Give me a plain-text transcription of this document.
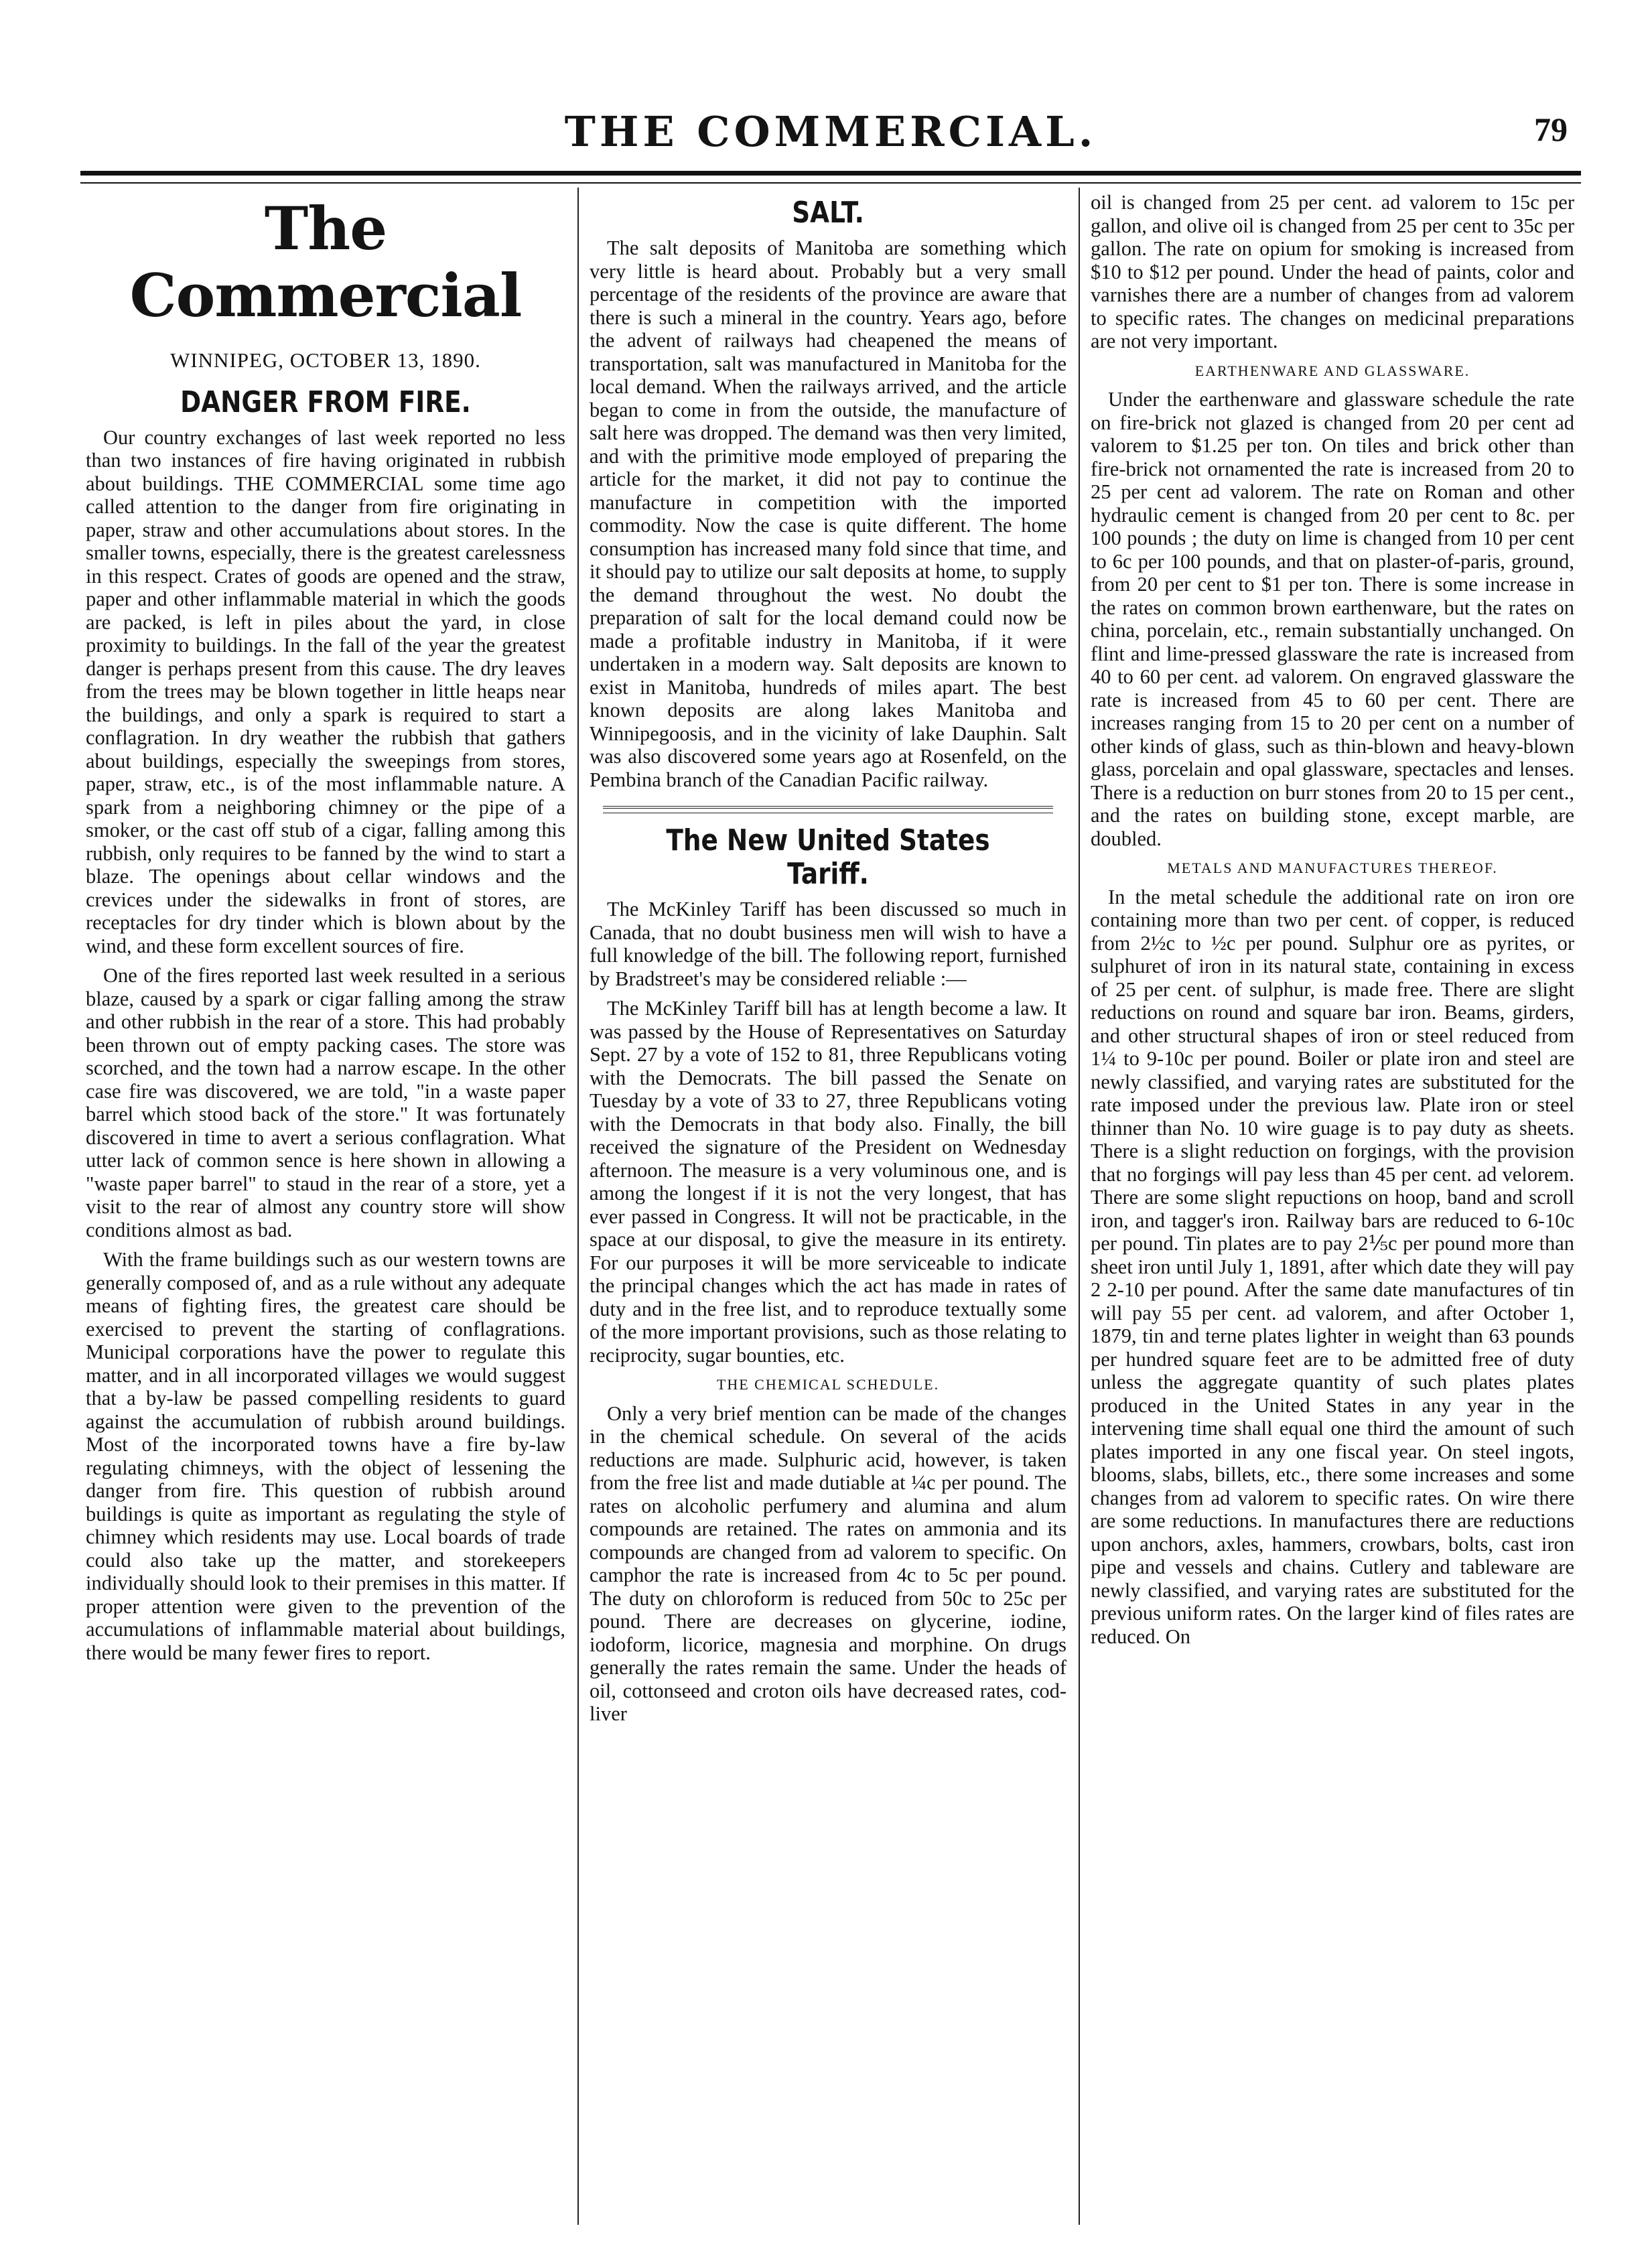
THE COMMERCIAL.	79
The Commercial
WINNIPEG, OCTOBER 13, 1890.
DANGER FROM FIRE.

Our country exchanges of last week reported no less than two instances of fire having originated in rubbish about buildings. THE COMMERCIAL some time ago called attention to the danger from fire originating in paper, straw and other accumulations about stores. In the smaller towns, especially, there is the greatest carelessness in this respect. Crates of goods are opened and the straw, paper and other inflammable material in which the goods are packed, is left in piles about the yard, in close proximity to buildings. In the fall of the year the greatest danger is perhaps present from this cause. The dry leaves from the trees may be blown together in little heaps near the buildings, and only a spark is required to start a conflagration. In dry weather the rubbish that gathers about buildings, especially the sweepings from stores, paper, straw, etc., is of the most inflammable nature. A spark from a neighboring chimney or the pipe of a smoker, or the cast off stub of a cigar, falling among this rubbish, only requires to be fanned by the wind to start a blaze. The openings about cellar windows and the crevices under the sidewalks in front of stores, are receptacles for dry tinder which is blown about by the wind, and these form excellent sources of fire.

One of the fires reported last week resulted in a serious blaze, caused by a spark or cigar falling among the straw and other rubbish in the rear of a store. This had probably been thrown out of empty packing cases. The store was scorched, and the town had a narrow escape. In the other case fire was discovered, we are told, "in a waste paper barrel which stood back of the store." It was fortunately discovered in time to avert a serious conflagration. What utter lack of common sence is here shown in allowing a "waste paper barrel" to staud in the rear of a store, yet a visit to the rear of almost any country store will show conditions almost as bad.

With the frame buildings such as our western towns are generally composed of, and as a rule without any adequate means of fighting fires, the greatest care should be exercised to prevent the starting of conflagrations. Municipal corporations have the power to regulate this matter, and in all incorporated villages we would suggest that a by-law be passed compelling residents to guard against the accumulation of rubbish around buildings. Most of the incorporated towns have a fire by-law regulating chimneys, with the object of lessening the danger from fire. This question of rubbish around buildings is quite as important as regulating the style of chimney which residents may use. Local boards of trade could also take up the matter, and storekeepers individually should look to their premises in this matter. If proper attention were given to the prevention of the accumulations of inflammable material about buildings, there would be many fewer fires to report.

SALT.

The salt deposits of Manitoba are something which very little is heard about. Probably but a very small percentage of the residents of the province are aware that there is such a mineral in the country. Years ago, before the advent of railways had cheapened the means of transportation, salt was manufactured in Manitoba for the local demand. When the railways arrived, and the article began to come in from the outside, the manufacture of salt here was dropped. The demand was then very limited, and with the primitive mode employed of preparing the article for the market, it did not pay to continue the manufacture in competition with the imported commodity. Now the case is quite different. The home consumption has increased many fold since that time, and it should pay to utilize our salt deposits at home, to supply the demand throughout the west. No doubt the preparation of salt for the local demand could now be made a profitable industry in Manitoba, if it were undertaken in a modern way. Salt deposits are known to exist in Manitoba, hundreds of miles apart. The best known deposits are along lakes Manitoba and Winnipegoosis, and in the vicinity of lake Dauphin. Salt was also discovered some years ago at Rosenfeld, on the Pembina branch of the Canadian Pacific railway.

The New United States Tariff.

The McKinley Tariff has been discussed so much in Canada, that no doubt business men will wish to have a full knowledge of the bill. The following report, furnished by Bradstreet's may be considered reliable :—

The McKinley Tariff bill has at length become a law. It was passed by the House of Representatives on Saturday Sept. 27 by a vote of 152 to 81, three Republicans voting with the Democrats. The bill passed the Senate on Tuesday by a vote of 33 to 27, three Republicans voting with the Democrats in that body also. Finally, the bill received the signature of the President on Wednesday afternoon. The measure is a very voluminous one, and is among the longest if it is not the very longest, that has ever passed in Congress. It will not be practicable, in the space at our disposal, to give the measure in its entirety. For our purposes it will be more serviceable to indicate the principal changes which the act has made in rates of duty and in the free list, and to reproduce textually some of the more important provisions, such as those relating to reciprocity, sugar bounties, etc.

THE CHEMICAL SCHEDULE.

Only a very brief mention can be made of the changes in the chemical schedule. On several of the acids reductions are made. Sulphuric acid, however, is taken from the free list and made dutiable at ¼c per pound. The rates on alcoholic perfumery and alumina and alum compounds are retained. The rates on ammonia and its compounds are changed from ad valorem to specific. On camphor the rate is increased from 4c to 5c per pound. The duty on chloroform is reduced from 50c to 25c per pound. There are decreases on glycerine, iodine, iodoform, licorice, magnesia and morphine. On drugs generally the rates remain the same. Under the heads of oil, cottonseed and croton oils have decreased rates, cod-liver

oil is changed from 25 per cent. ad valorem to 15c per gallon, and olive oil is changed from 25 per cent to 35c per gallon. The rate on opium for smoking is increased from $10 to $12 per pound. Under the head of paints, color and varnishes there are a number of changes from ad valorem to specific rates. The changes on medicinal preparations are not very important.

EARTHENWARE AND GLASSWARE.

Under the earthenware and glassware schedule the rate on fire-brick not glazed is changed from 20 per cent ad valorem to $1.25 per ton. On tiles and brick other than fire-brick not ornamented the rate is increased from 20 to 25 per cent ad valorem. The rate on Roman and other hydraulic cement is changed from 20 per cent to 8c. per 100 pounds ; the duty on lime is changed from 10 per cent to 6c per 100 pounds, and that on plaster-of-paris, ground, from 20 per cent to $1 per ton. There is some increase in the rates on common brown earthenware, but the rates on china, porcelain, etc., remain substantially unchanged. On flint and lime-pressed glassware the rate is increased from 40 to 60 per cent. ad valorem. On engraved glassware the rate is increased from 45 to 60 per cent. There are increases ranging from 15 to 20 per cent on a number of other kinds of glass, such as thin-blown and heavy-blown glass, porcelain and opal glassware, spectacles and lenses. There is a reduction on burr stones from 20 to 15 per cent., and the rates on building stone, except marble, are doubled.

METALS AND MANUFACTURES THEREOF.

In the metal schedule the additional rate on iron ore containing more than two per cent. of copper, is reduced from 2½c to ½c per pound. Sulphur ore as pyrites, or sulphuret of iron in its natural state, containing in excess of 25 per cent. of sulphur, is made free. There are slight reductions on round and square bar iron. Beams, girders, and other structural shapes of iron or steel reduced from 1¼ to 9-10c per pound. Boiler or plate iron and steel are newly classified, and varying rates are substituted for the rate imposed under the previous law. Plate iron or steel thinner than No. 10 wire guage is to pay duty as sheets. There is a slight reduction on forgings, with the provision that no forgings will pay less than 45 per cent. ad velorem. There are some slight repuctions on hoop, band and scroll iron, and tagger's iron. Railway bars are reduced to 6-10c per pound. Tin plates are to pay 2⅕c per pound more than sheet iron until July 1, 1891, after which date they will pay 2 2-10 per pound. After the same date manufactures of tin will pay 55 per cent. ad valorem, and after October 1, 1879, tin and terne plates lighter in weight than 63 pounds per hundred square feet are to be admitted free of duty unless the aggregate quantity of such plates plates produced in the United States in any year in the intervening time shall equal one third the amount of such plates imported in any one fiscal year. On steel ingots, blooms, slabs, billets, etc., there some increases and some changes from ad valorem to specific rates. On wire there are some reductions. In manufactures there are reductions upon anchors, axles, hammers, crowbars, bolts, cast iron pipe and vessels and chains. Cutlery and tableware are newly classified, and varying rates are substituted for the previous uniform rates. On the larger kind of files rates are reduced. On
